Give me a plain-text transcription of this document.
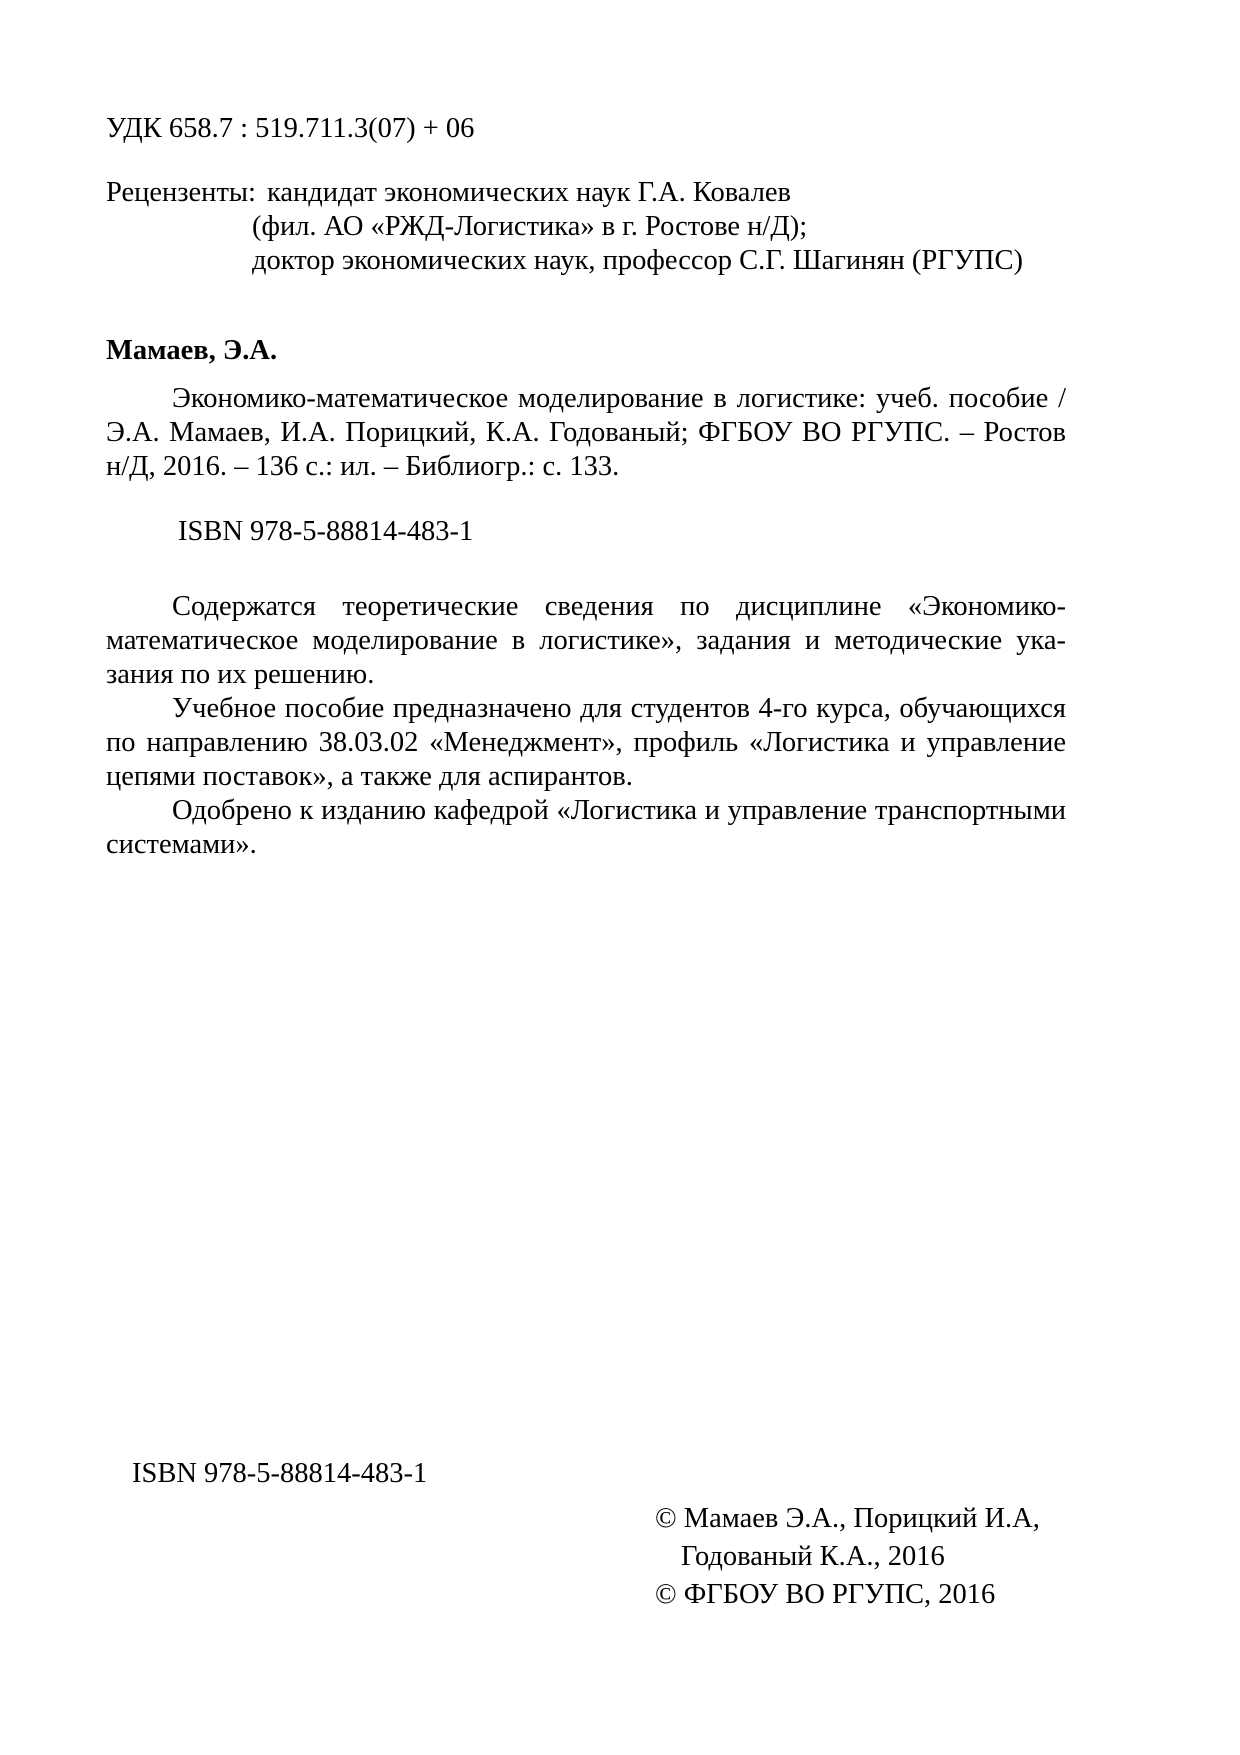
УДК 658.7 : 519.711.3(07) + 06
Рецензенты: кандидат экономических наук Г.А. Ковалев
(фил. АО «РЖД-Логистика» в г. Ростове н/Д);
доктор экономических наук, профессор С.Г. Шагинян (РГУПС)
Мамаев, Э.А.

Экономико-математическое моделирование в логистике: учеб. пособие / Э.А. Мамаев, И.А. Порицкий, К.А. Годованый; ФГБОУ ВО РГУПС. – Ростов н/Д, 2016. – 136 с.: ил. – Библиогр.: с. 133.

ISBN 978-5-88814-483-1

Содержатся теоретические сведения по дисциплине «Экономико-математическое моделирование в логистике», задания и методические указания по их решению.

Учебное пособие предназначено для студентов 4-го курса, обучающихся по направлению 38.03.02 «Менеджмент», профиль «Логистика и управление цепями поставок», а также для аспирантов.

Одобрено к изданию кафедрой «Логистика и управление транспортными системами».

ISBN 978-5-88814-483-1
© Мамаев Э.А., Порицкий И.А,
Годованый К.А., 2016
© ФГБОУ ВО РГУПС, 2016
